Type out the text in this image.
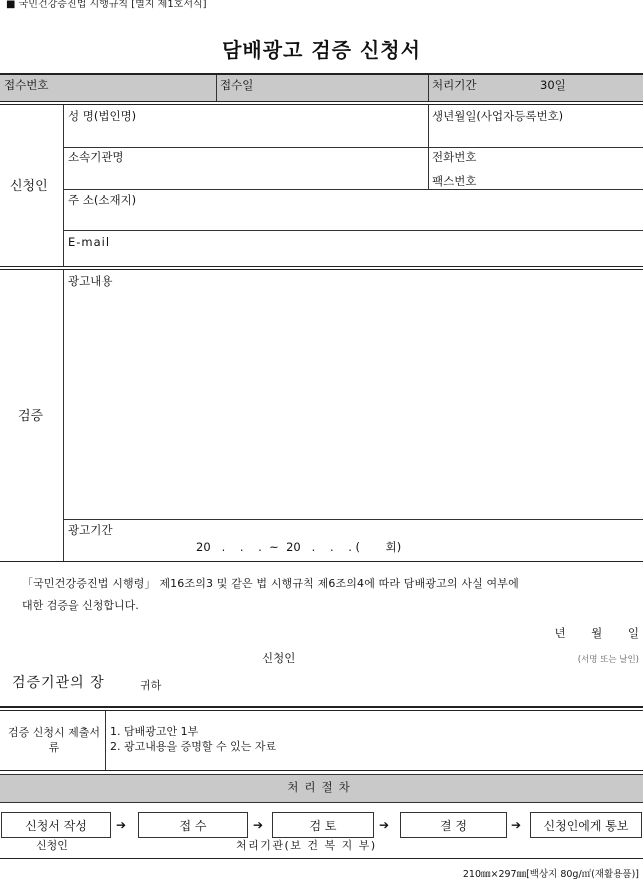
■ 국민건강증진법 시행규칙 [별지 제1호서식]
담배광고 검증 신청서
접수번호	접수일	처리기간	30일
신청인
성 명(법인명)	생년월일(사업자등록번호)
소속기관명	전화번호
팩스번호
주 소(소재지)
E-mail
검증
광고내용
광고기간
20   .    .    .  ~  20   .    .    . (       회)
「국민건강증진법 시행령」 제16조의3 및 같은 법 시행규칙 제6조의4에 따라 담배광고의 사실 여부에
대한 검증을 신청합니다.
년       월       일
신청인	(서명 또는 날인)
검증기관의 장	귀하
검증 신청시 제출서류
1. 담배광고안 1부
2. 광고내용을 증명할 수 있는 자료
처리절차
신청서 작성 ➔	접 수	➔	검 토	➔	결 정	➔ 신청인에게 통보
신청인	처리기관(보 건 복 지 부)
210㎜×297㎜[백상지 80g/㎡(재활용품)]
